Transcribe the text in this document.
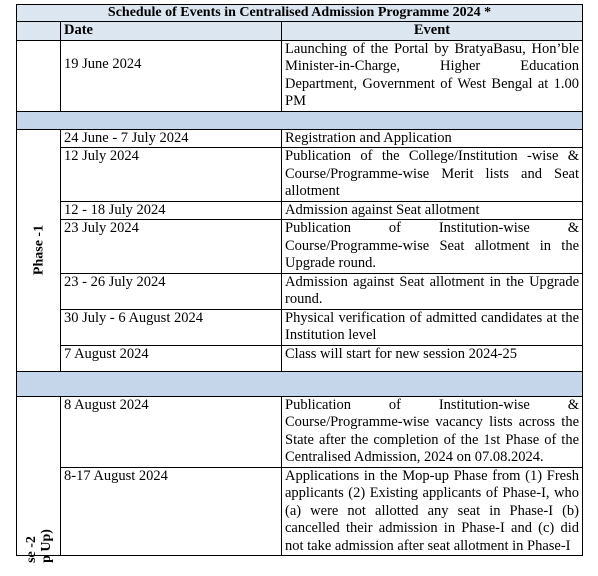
Schedule of Events in Centralised Admission Programme 2024 *		
	Date	Event
	19 June 2024	Launching of the Portal by BratyaBasu, Hon’ble Minister-in-Charge, Higher Education Department, Government of West Bengal at 1.00 PM

Phase -1	24 June - 7 July 2024	Registration and Application
	12 July 2024	Publication of the College/Institution -wise & Course/Programme-wise Merit lists and Seat allotment
	12 - 18 July 2024	Admission against Seat allotment
	23 July 2024	Publication of Institution-wise & Course/Programme-wise Seat allotment in the Upgrade round.
	23 - 26 July 2024	Admission against Seat allotment in the Upgrade round.
	30 July - 6 August 2024	Physical verification of admitted candidates at the Institution level
	7 August 2024	Class will start for new session 2024-25

se -2
p Up)	8 August 2024	Publication of Institution-wise & Course/Programme-wise vacancy lists across the State after the completion of the 1st Phase of the Centralised Admission, 2024 on 07.08.2024.
	8-17 August 2024	Applications in the Mop-up Phase from (1) Fresh applicants (2) Existing applicants of Phase-I, who (a) were not allotted any seat in Phase-I (b) cancelled their admission in Phase-I and (c) did not take admission after seat allotment in Phase-I
